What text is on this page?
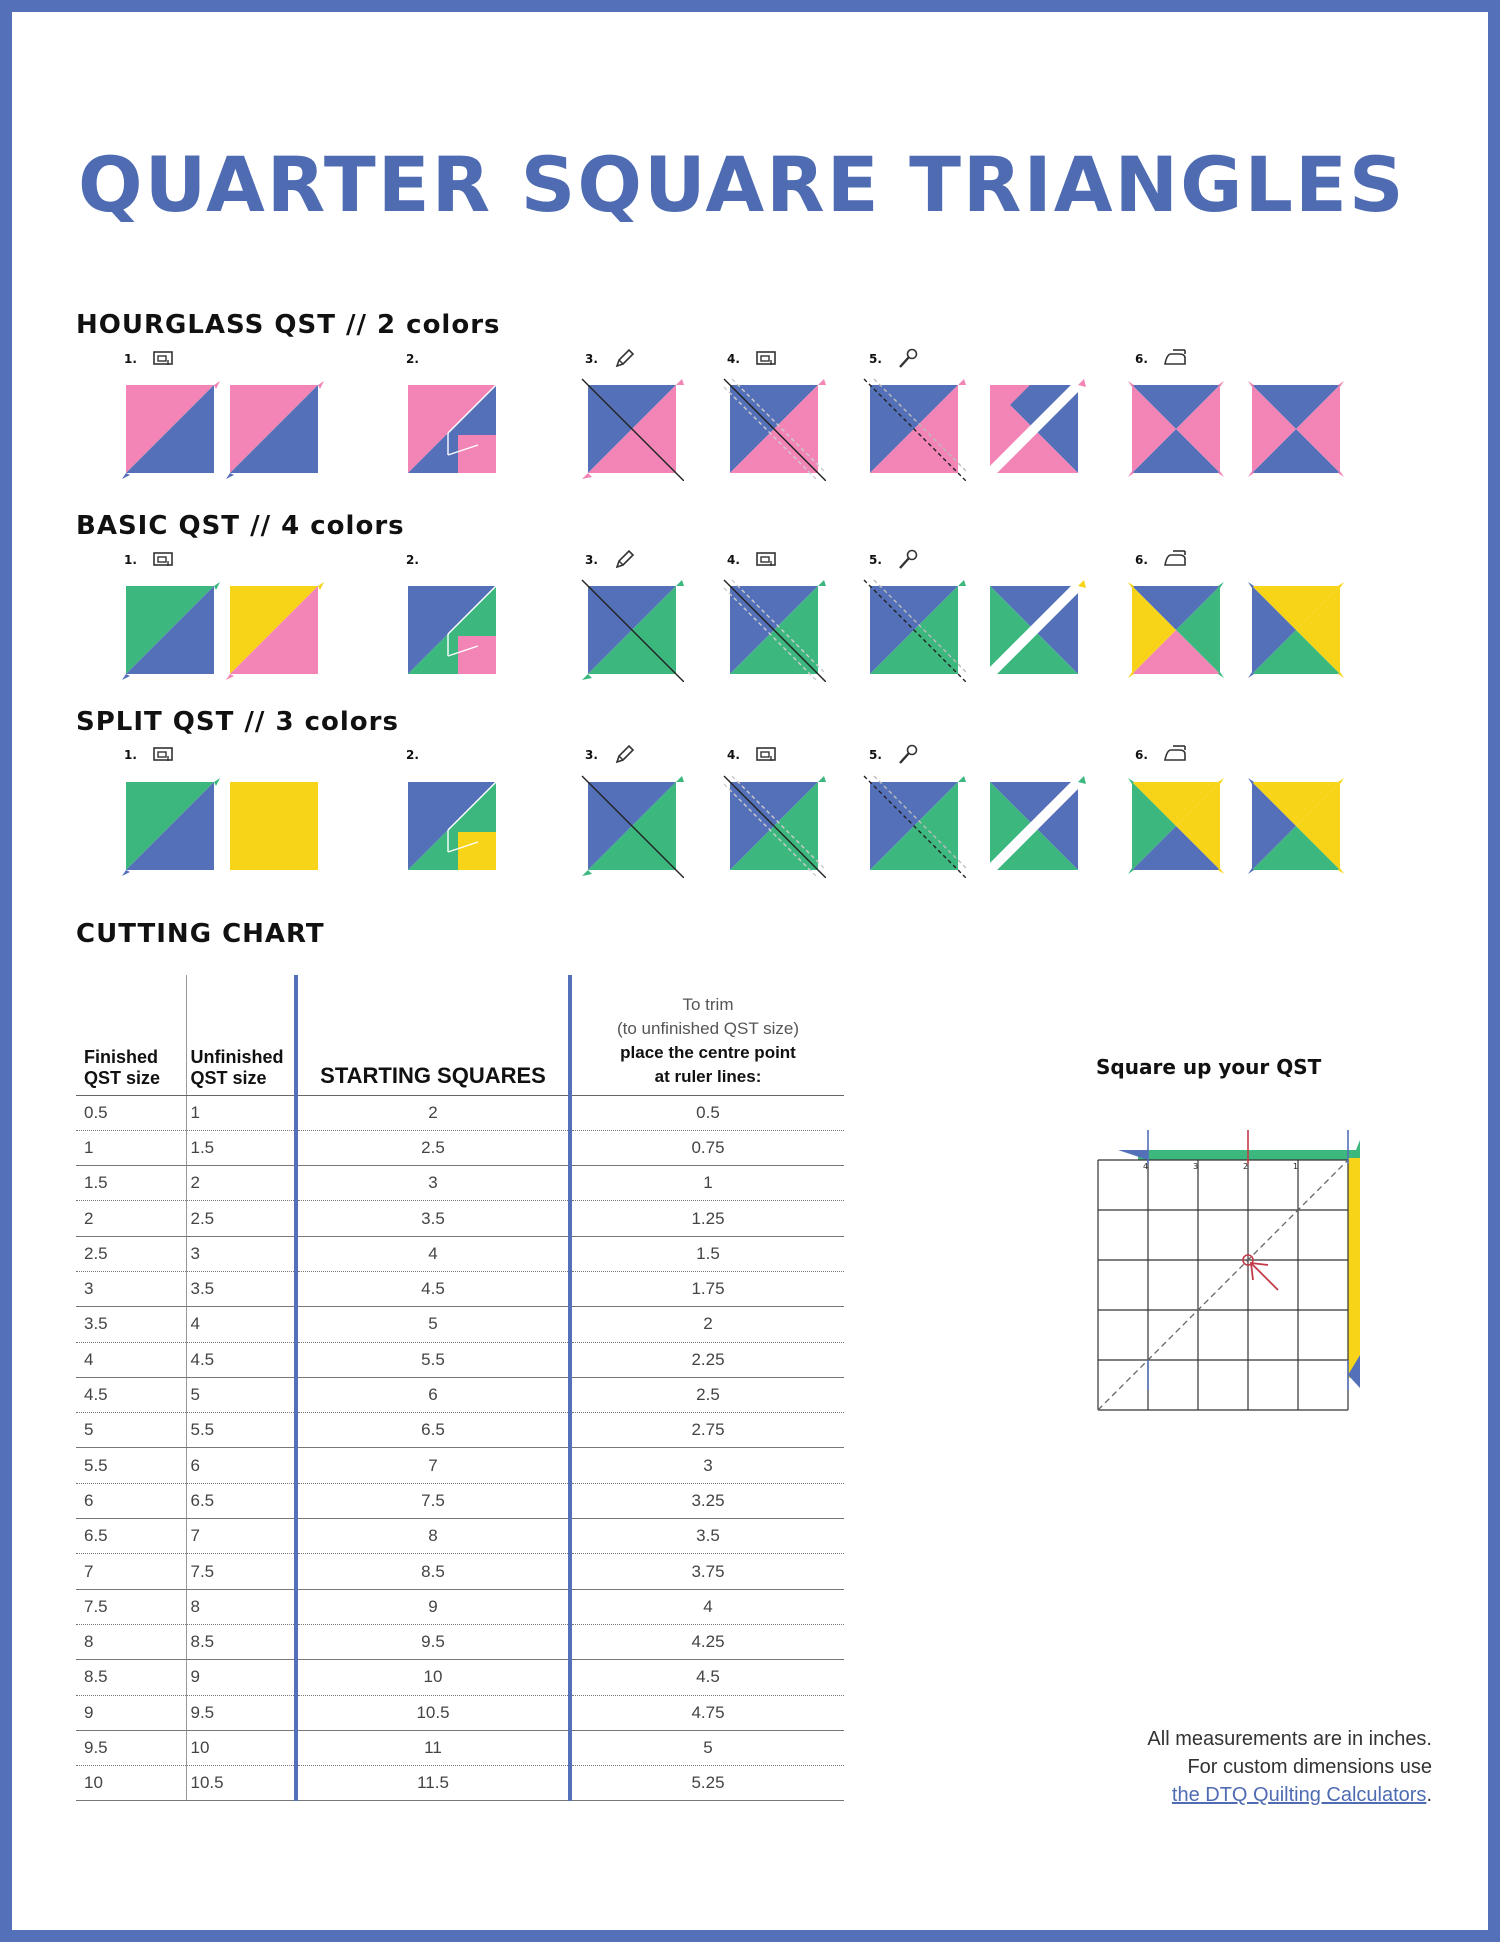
QUARTER SQUARE TRIANGLES
HOURGLASS QST // 2 colors
BASIC QST // 4 colors
SPLIT QST // 3 colors
1.	2.	3.	4.	5.	6.
1.	2.	3.	4.	5.	6.
1.	2.	3.	4.	5.	6.
CUTTING CHART
Finished
QST size	Unfinished
QST size	STARTING SQUARES	To trim
(to unfinished QST size)
place the centre point
at ruler lines:

0.5	1	2	0.5
1	1.5	2.5	0.75
1.5	2	3	1
2	2.5	3.5	1.25
2.5	3	4	1.5
3	3.5	4.5	1.75
3.5	4	5	2
4	4.5	5.5	2.25
4.5	5	6	2.5
5	5.5	6.5	2.75
5.5	6	7	3
6	6.5	7.5	3.25
6.5	7	8	3.5
7	7.5	8.5	3.75
7.5	8	9	4
8	8.5	9.5	4.25
8.5	9	10	4.5
9	9.5	10.5	4.75
9.5	10	11	5
10	10.5	11.5	5.25
Square up your QST
4	3	2	1
All measurements are in inches.
For custom dimensions use
the DTQ Quilting Calculators.
